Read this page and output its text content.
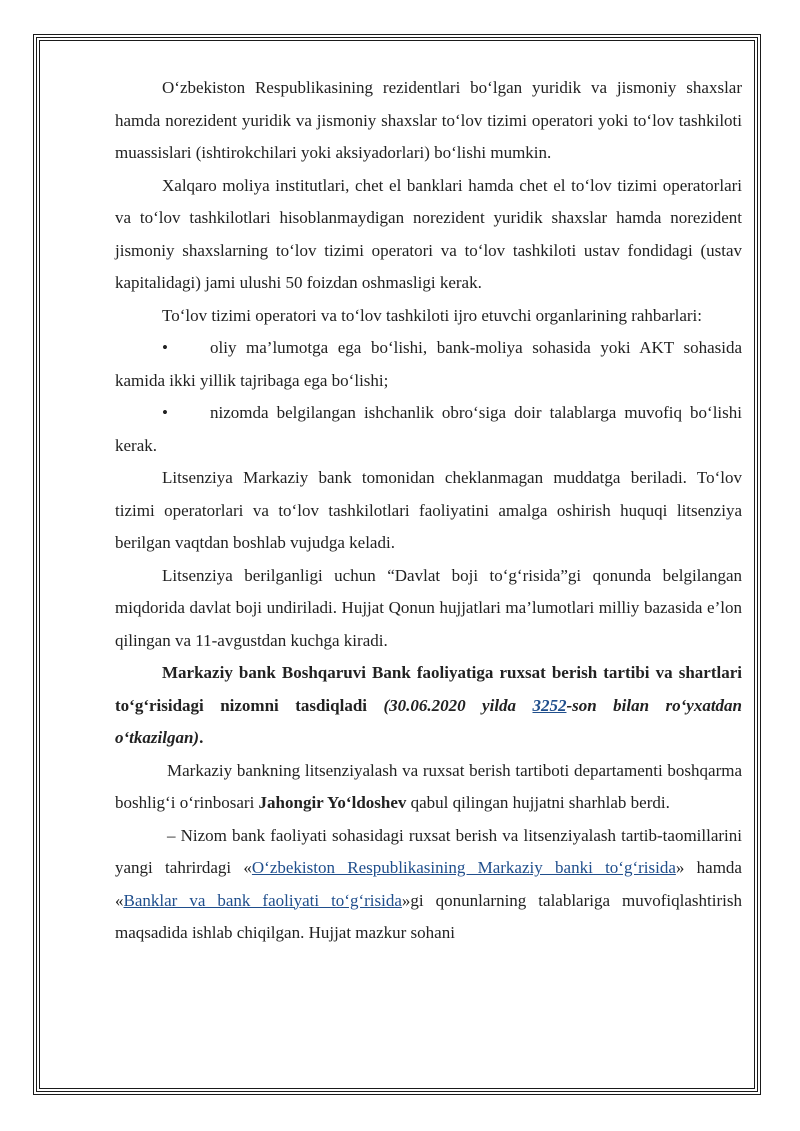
O‘zbekiston Respublikasining rezidentlari bo‘lgan yuridik va jismoniy shaxslar hamda norezident yuridik va jismoniy shaxslar to‘lov tizimi operatori yoki to‘lov tashkiloti muassislari (ishtirokchilari yoki aksiyadorlari) bo‘lishi mumkin.

Xalqaro moliya institutlari, chet el banklari hamda chet el to‘lov tizimi operatorlari va to‘lov tashkilotlari hisoblanmaydigan norezident yuridik shaxslar hamda norezident jismoniy shaxslarning to‘lov tizimi operatori va to‘lov tashkiloti ustav fondidagi (ustav kapitalidagi) jami ulushi 50 foizdan oshmasligi kerak.

To‘lov tizimi operatori va to‘lov tashkiloti ijro etuvchi organlarining rahbarlari:

• oliy ma’lumotga ega bo‘lishi, bank-moliya sohasida yoki AKT sohasida kamida ikki yillik tajribaga ega bo‘lishi;

• nizomda belgilangan ishchanlik obro‘siga doir talablarga muvofiq bo‘lishi kerak.

Litsenziya Markaziy bank tomonidan cheklanmagan muddatga beriladi. To‘lov tizimi operatorlari va to‘lov tashkilotlari faoliyatini amalga oshirish huquqi litsenziya berilgan vaqtdan boshlab vujudga keladi.

Litsenziya berilganligi uchun “Davlat boji to‘g‘risida”gi qonunda belgilangan miqdorida davlat boji undiriladi. Hujjat Qonun hujjatlari ma’lumotlari milliy bazasida e’lon qilingan va 11-avgustdan kuchga kiradi.

Markaziy bank Boshqaruvi Bank faoliyatiga ruxsat berish tartibi va shartlari to‘g‘risidagi nizomni tasdiqladi (30.06.2020 yilda 3252-son bilan ro‘yxatdan o‘tkazilgan).

Markaziy bankning litsenziyalash va ruxsat berish tartiboti departamenti boshqarma boshlig‘i o‘rinbosari Jahongir Yo‘ldoshev qabul qilingan hujjatni sharhlab berdi.

– Nizom bank faoliyati sohasidagi ruxsat berish va litsenziyalash tartib-taomillarini yangi tahrirdagi «O‘zbekiston Respublikasining Markaziy banki to‘g‘risida» hamda «Banklar va bank faoliyati to‘g‘risida»gi qonunlarning talablariga muvofiqlashtirish maqsadida ishlab chiqilgan. Hujjat mazkur sohani
